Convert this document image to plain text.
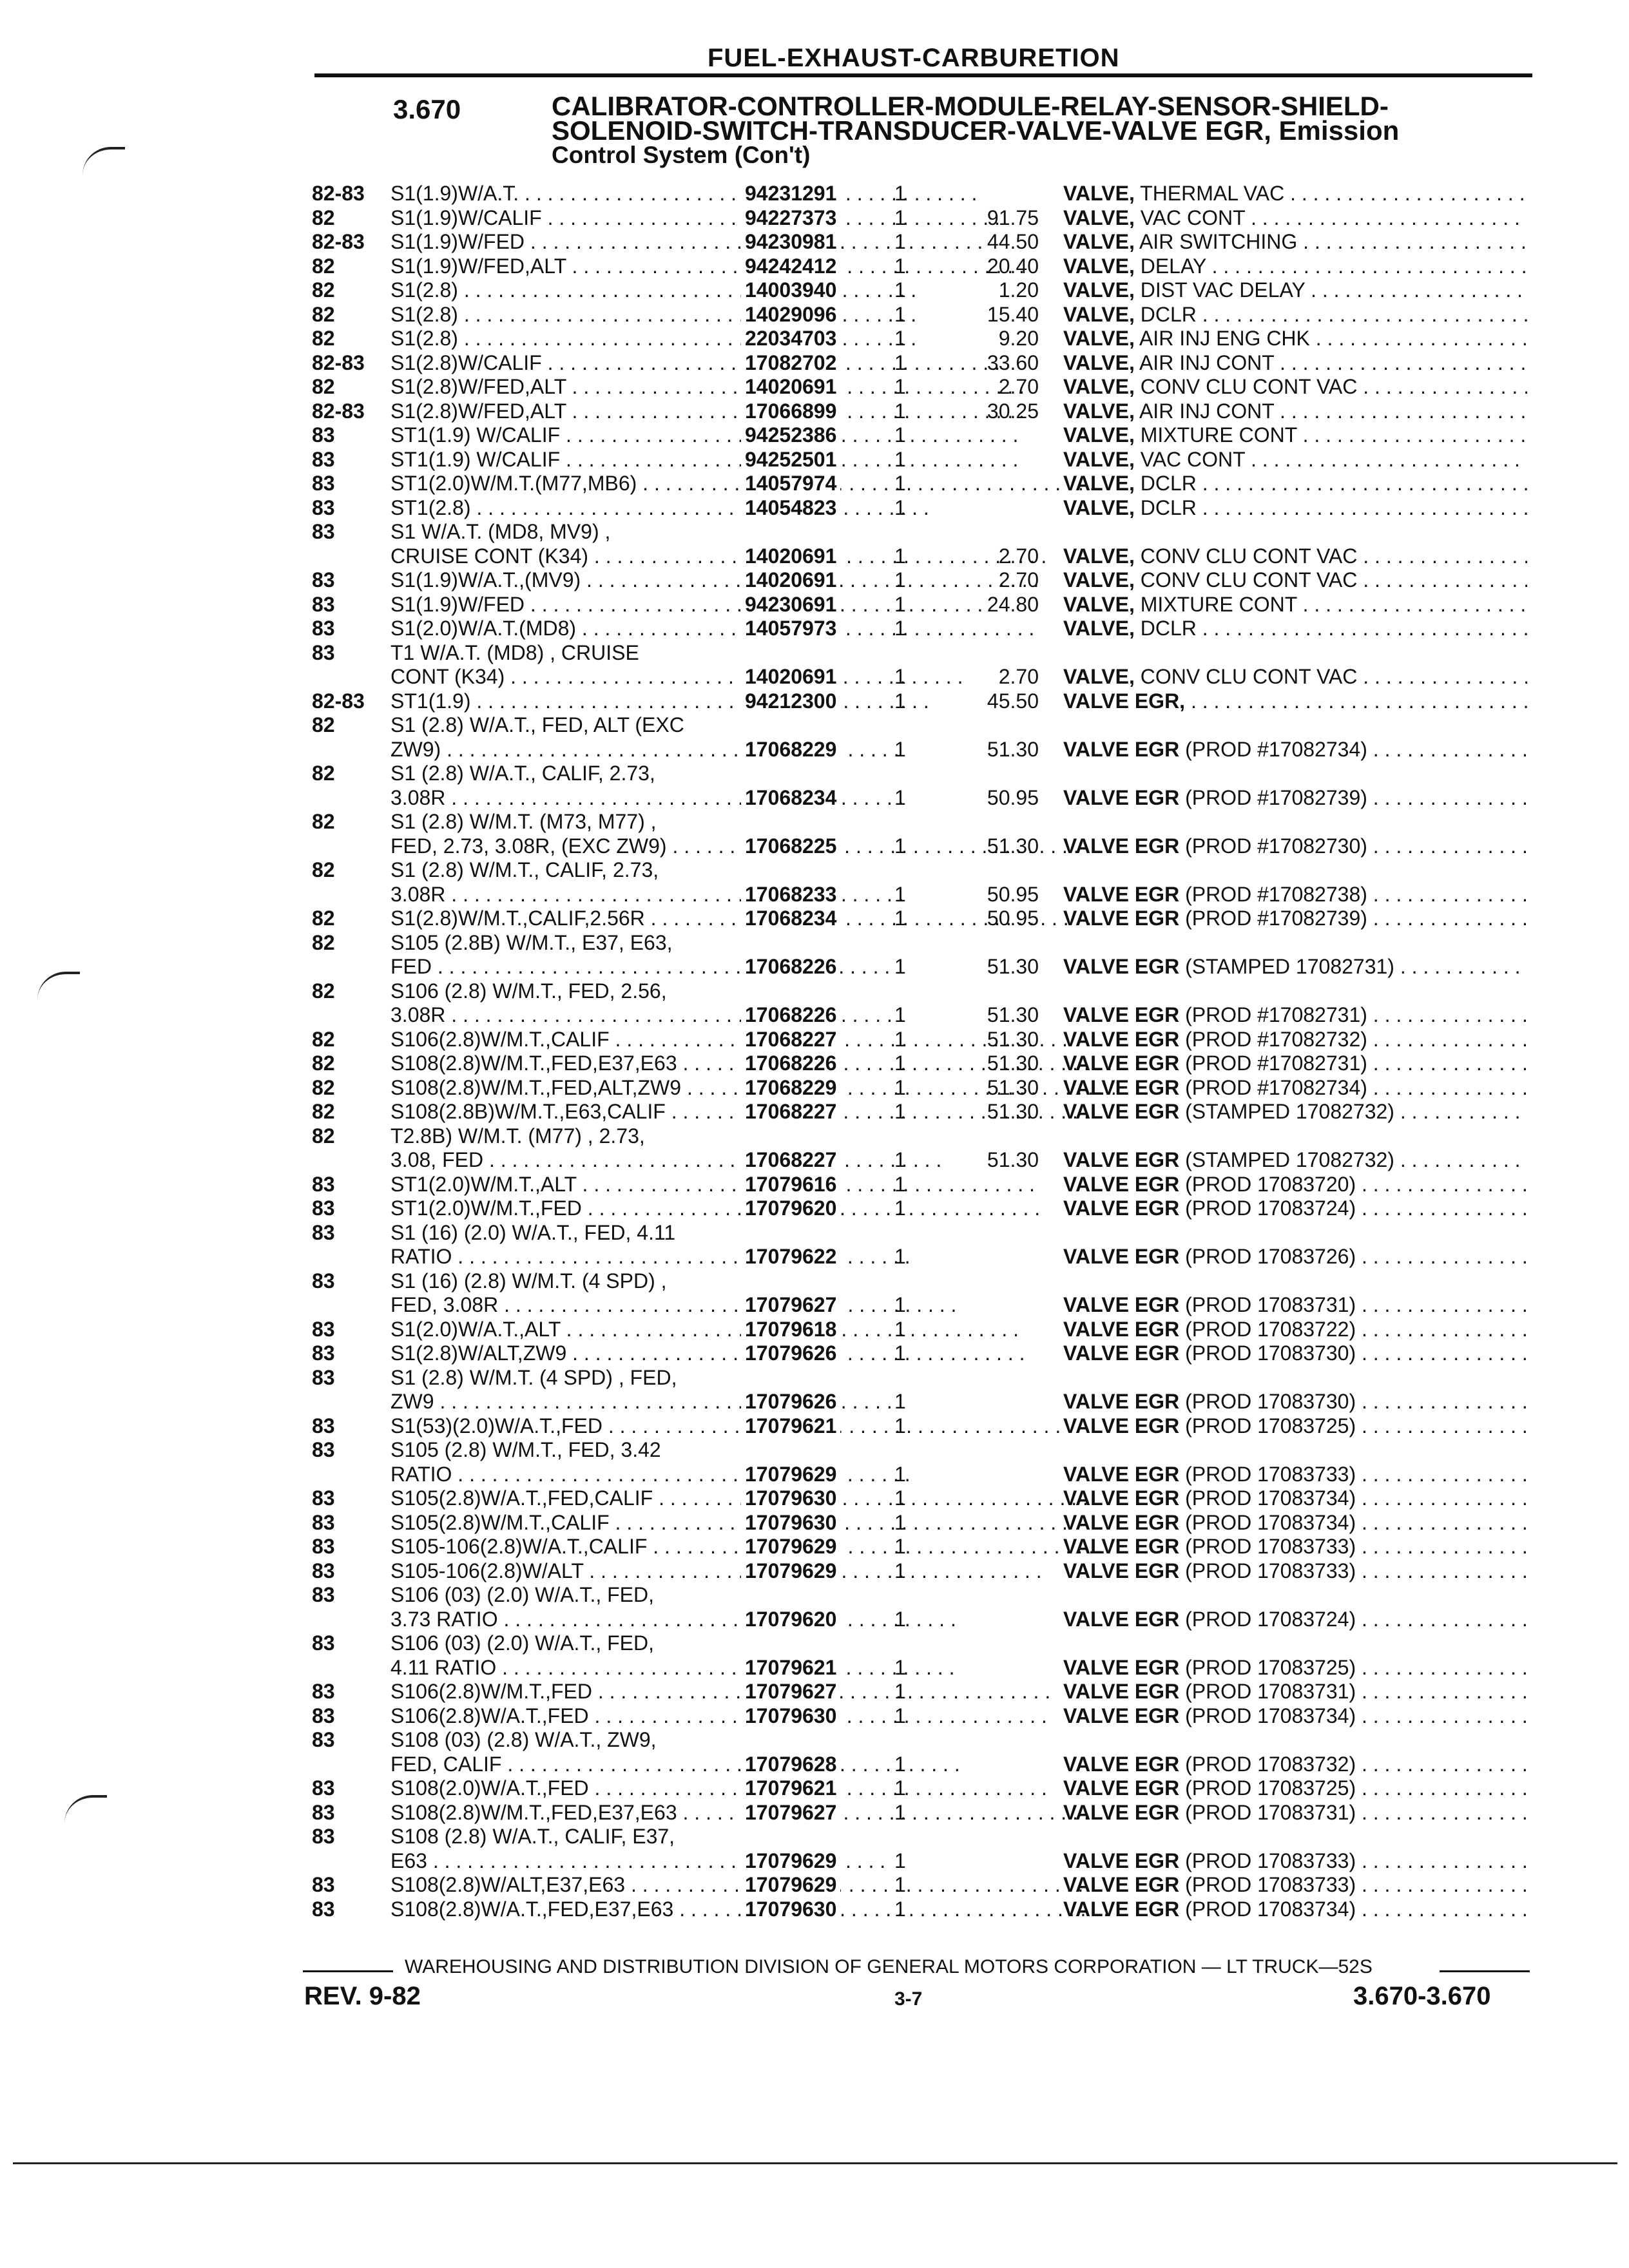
FUEL-EXHAUST-CARBURETION
3.670	CALIBRATOR-CONTROLLER-MODULE-RELAY-SENSOR-SHIELD-
SOLENOID-SWITCH-TRANSDUCER-VALVE-VALVE EGR, Emission
Control System (Con't)
82-83 S1(1.9)W/A.T. . . .	94231291	1	VALVE, THERMAL VAC . . .
82	S1(1.9)W/CALIF . . .	94227373	1	91.75 VALVE, VAC CONT . . .
82-83 S1(1.9)W/FED . . .	94230981	1	44.50 VALVE, AIR SWITCHING . . .
82	S1(1.9)W/FED,ALT . . .	94242412	1	20.40 VALVE, DELAY . . .
82	S1(2.8) . . .	14003940	1	1.20 VALVE, DIST VAC DELAY . . .
82	S1(2.8) . . .	14029096	1	15.40 VALVE, DCLR . . .
82	S1(2.8) . . .	22034703	1	9.20 VALVE, AIR INJ ENG CHK . . .
82-83 S1(2.8)W/CALIF . . .	17082702	1	33.60 VALVE, AIR INJ CONT . . .
82	S1(2.8)W/FED,ALT . . .	14020691	1	2.70 VALVE, CONV CLU CONT VAC . . .
82-83 S1(2.8)W/FED,ALT . . .	17066899	1	30.25 VALVE, AIR INJ CONT . . .
83	ST1(1.9) W/CALIF . . .	94252386	1	VALVE, MIXTURE CONT . . .
83	ST1(1.9) W/CALIF . . .	94252501	1	VALVE, VAC CONT . . .
83	ST1(2.0)W/M.T.(M77,MB6) . . .	14057974	1	VALVE, DCLR . . .
83	ST1(2.8) . . .	14054823	1	VALVE, DCLR . . .
83	S1 W/A.T. (MD8, MV9) ,
CRUISE CONT (K34) . . .	14020691	1	2.70 VALVE, CONV CLU CONT VAC . . .
83	S1(1.9)W/A.T.,(MV9) . . .	14020691	1	2.70 VALVE, CONV CLU CONT VAC . . .
83	S1(1.9)W/FED . . .	94230691	1	24.80 VALVE, MIXTURE CONT . . .
83	S1(2.0)W/A.T.(MD8) . . .	14057973	1	VALVE, DCLR . . .
83	T1 W/A.T. (MD8) , CRUISE
CONT (K34) . . .	14020691	1	2.70 VALVE, CONV CLU CONT VAC . . .
82-83 ST1(1.9) . . .	94212300	1	45.50 VALVE EGR, . . .
82	S1 (2.8) W/A.T., FED, ALT (EXC
ZW9) . . .	17068229	1	51.30 VALVE EGR (PROD #17082734) . . .
82	S1 (2.8) W/A.T., CALIF, 2.73,
3.08R . . .	17068234	1	50.95 VALVE EGR (PROD #17082739) . . .
82	S1 (2.8) W/M.T. (M73, M77) ,
FED, 2.73, 3.08R, (EXC ZW9) . . .	17068225	1	51.30 VALVE EGR (PROD #17082730) . . .
82	S1 (2.8) W/M.T., CALIF, 2.73,
3.08R . . .	17068233	1	50.95 VALVE EGR (PROD #17082738) . . .
82	S1(2.8)W/M.T.,CALIF,2.56R . . .	17068234	1	50.95 VALVE EGR (PROD #17082739) . . .
82	S105 (2.8B) W/M.T., E37, E63,
FED . . .	17068226	1	51.30 VALVE EGR (STAMPED 17082731) . . .
82	S106 (2.8) W/M.T., FED, 2.56,
3.08R . . .	17068226	1	51.30 VALVE EGR (PROD #17082731) . . .
82	S106(2.8)W/M.T.,CALIF . . .	17068227	1	51.30 VALVE EGR (PROD #17082732) . . .
82	S108(2.8)W/M.T.,FED,E37,E63 . . .	17068226	1	51.30 VALVE EGR (PROD #17082731) . . .
82	S108(2.8)W/M.T.,FED,ALT,ZW9 . . .	17068229	1	51.30 VALVE EGR (PROD #17082734) . . .
82	S108(2.8B)W/M.T.,E63,CALIF . . .	17068227	1	51.30 VALVE EGR (STAMPED 17082732) . . .
82	T2.8B) W/M.T. (M77) , 2.73,
3.08, FED . . .	17068227	1	51.30 VALVE EGR (STAMPED 17082732) . . .
83	ST1(2.0)W/M.T.,ALT . . .	17079616	1	VALVE EGR (PROD 17083720) . . .
83	ST1(2.0)W/M.T.,FED . . .	17079620	1	VALVE EGR (PROD 17083724) . . .
83	S1 (16) (2.0) W/A.T., FED, 4.11
RATIO . . .	17079622	1	VALVE EGR (PROD 17083726) . . .
83	S1 (16) (2.8) W/M.T. (4 SPD) ,
FED, 3.08R . . .	17079627	1	VALVE EGR (PROD 17083731) . . .
83	S1(2.0)W/A.T.,ALT . . .	17079618	1	VALVE EGR (PROD 17083722) . . .
83	S1(2.8)W/ALT,ZW9 . . .	17079626	1	VALVE EGR (PROD 17083730) . . .
83	S1 (2.8) W/M.T. (4 SPD) , FED,
ZW9 . . .	17079626	1	VALVE EGR (PROD 17083730) . . .
83	S1(53)(2.0)W/A.T.,FED . . .	17079621	1	VALVE EGR (PROD 17083725) . . .
83	S105 (2.8) W/M.T., FED, 3.42
RATIO . . .	17079629	1	VALVE EGR (PROD 17083733) . . .
83	S105(2.8)W/A.T.,FED,CALIF . . .	17079630	1	VALVE EGR (PROD 17083734) . . .
83	S105(2.8)W/M.T.,CALIF . . .	17079630	1	VALVE EGR (PROD 17083734) . . .
83	S105-106(2.8)W/A.T.,CALIF . . .	17079629	1	VALVE EGR (PROD 17083733) . . .
83	S105-106(2.8)W/ALT . . .	17079629	1	VALVE EGR (PROD 17083733) . . .
83	S106 (03) (2.0) W/A.T., FED,
3.73 RATIO . . .	17079620	1	VALVE EGR (PROD 17083724) . . .
83	S106 (03) (2.0) W/A.T., FED,
4.11 RATIO . . .	17079621	1	VALVE EGR (PROD 17083725) . . .
83	S106(2.8)W/M.T.,FED . . .	17079627	1	VALVE EGR (PROD 17083731) . . .
83	S106(2.8)W/A.T.,FED . . .	17079630	1	VALVE EGR (PROD 17083734) . . .
83	S108 (03) (2.8) W/A.T., ZW9,
FED, CALIF . . .	17079628	1	VALVE EGR (PROD 17083732) . . .
83	S108(2.0)W/A.T.,FED . . .	17079621	1	VALVE EGR (PROD 17083725) . . .
83	S108(2.8)W/M.T.,FED,E37,E63 . . .	17079627	1	VALVE EGR (PROD 17083731) . . .
83	S108 (2.8) W/A.T., CALIF, E37,
E63 . . .	17079629	1	VALVE EGR (PROD 17083733) . . .
83	S108(2.8)W/ALT,E37,E63 . . .	17079629	1	VALVE EGR (PROD 17083733) . . .
83	S108(2.8)W/A.T.,FED,E37,E63 . . .	17079630	1	VALVE EGR (PROD 17083734) . . .
WAREHOUSING AND DISTRIBUTION DIVISION OF GENERAL MOTORS CORPORATION — LT TRUCK—52S
REV. 9-82	3-7	3.670-3.670
